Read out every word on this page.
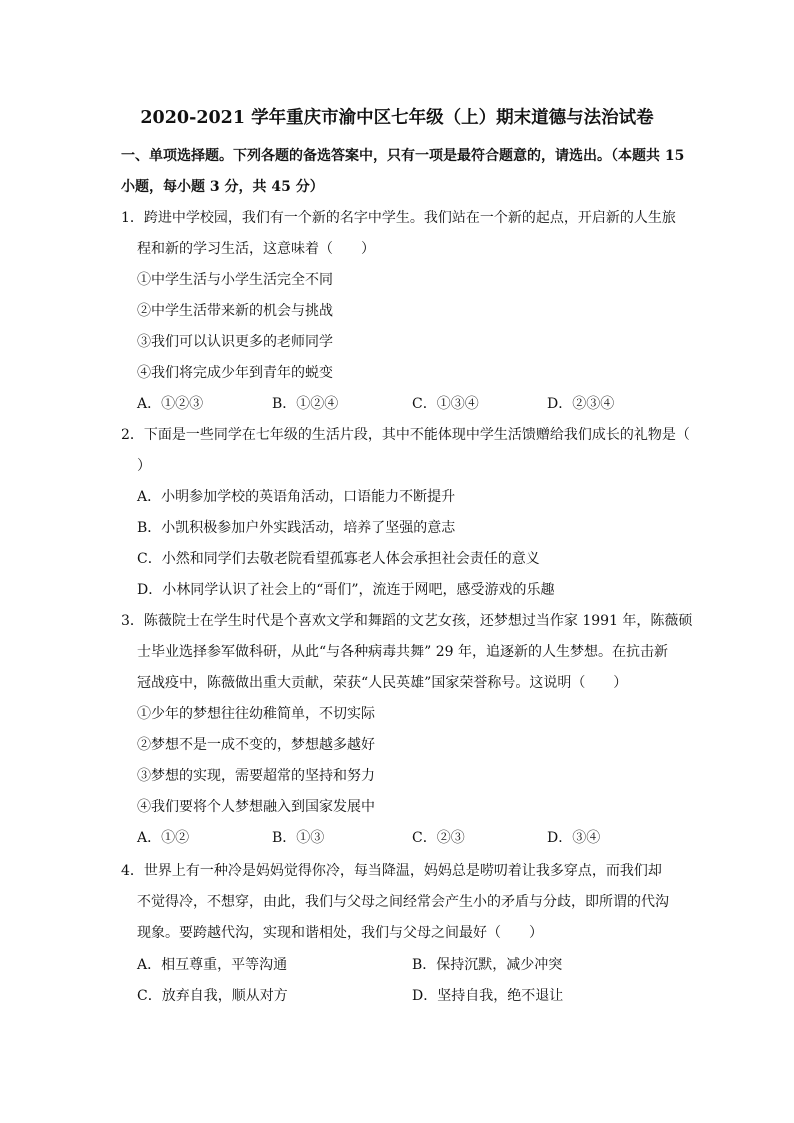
2020-2021 学年重庆市渝中区七年级（上）期末道德与法治试卷
一、单项选择题。下列各题的备选答案中，只有一项是最符合题意的，请选出。（本题共 15
小题，每小题 3 分，共 45 分）
1．跨进中学校园，我们有一个新的名字中学生。我们站在一个新的起点，开启新的人生旅
程和新的学习生活，这意味着（　　）
①中学生活与小学生活完全不同
②中学生活带来新的机会与挑战
③我们可以认识更多的老师同学
④我们将完成少年到青年的蜕变
A．①②③	B．①②④	C．①③④	D．②③④
2．下面是一些同学在七年级的生活片段，其中不能体现中学生活馈赠给我们成长的礼物是（
）
A．小明参加学校的英语角活动，口语能力不断提升
B．小凯积极参加户外实践活动，培养了坚强的意志
C．小然和同学们去敬老院看望孤寡老人体会承担社会责任的意义
D．小林同学认识了社会上的“哥们”，流连于网吧，感受游戏的乐趣
3．陈薇院士在学生时代是个喜欢文学和舞蹈的文艺女孩，还梦想过当作家 1991 年，陈薇硕
士毕业选择参军做科研，从此“与各种病毒共舞” 29 年，追逐新的人生梦想。在抗击新
冠战疫中，陈薇做出重大贡献，荣获“人民英雄”国家荣誉称号。这说明（　　）
①少年的梦想往往幼稚简单，不切实际
②梦想不是一成不变的，梦想越多越好
③梦想的实现，需要超常的坚持和努力
④我们要将个人梦想融入到国家发展中
A．①②	B．①③	C．②③	D．③④
4．世界上有一种冷是妈妈觉得你冷，每当降温，妈妈总是唠叨着让我多穿点，而我们却
不觉得冷，不想穿，由此，我们与父母之间经常会产生小的矛盾与分歧，即所谓的代沟
现象。要跨越代沟，实现和谐相处，我们与父母之间最好（　　）
A．相互尊重，平等沟通	B．保持沉默，减少冲突
C．放弃自我，顺从对方	D．坚持自我，绝不退让
